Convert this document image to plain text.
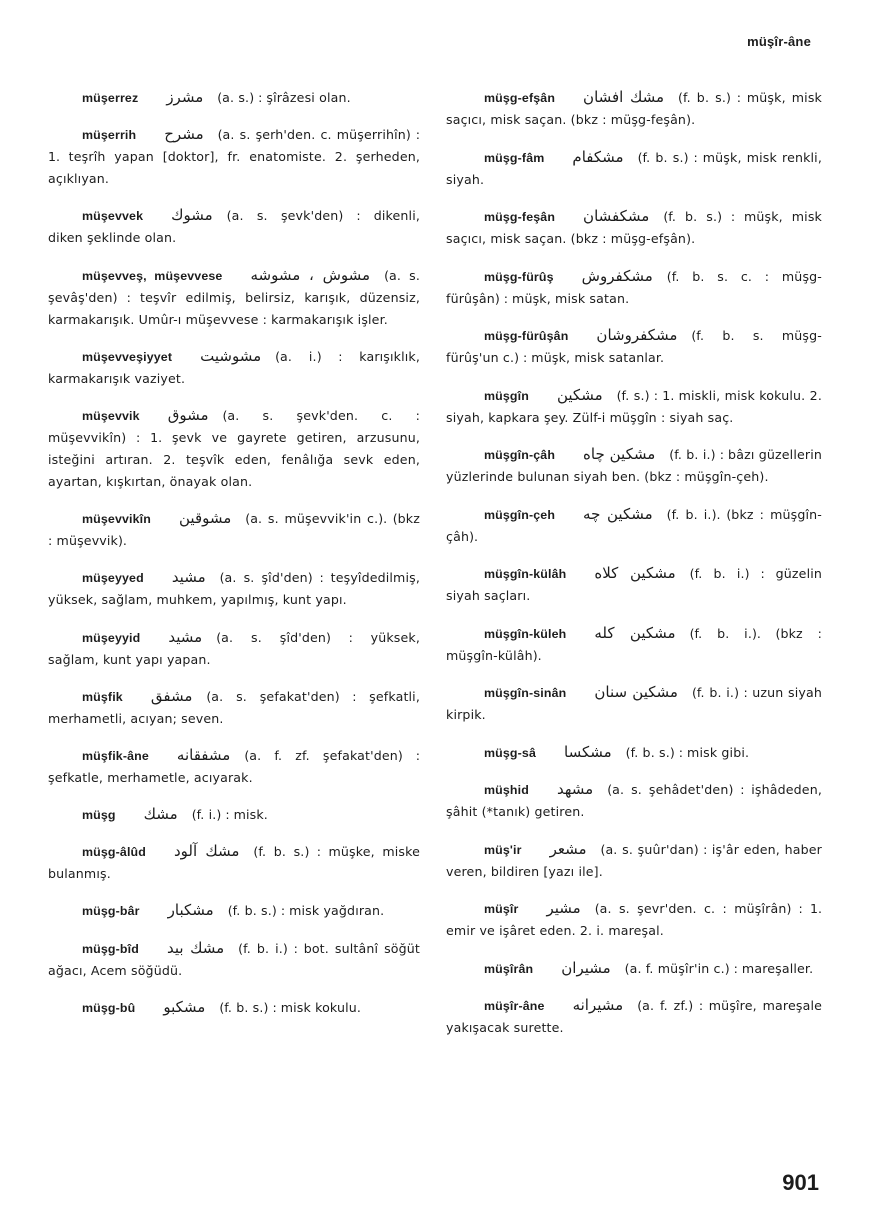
müşîr-âne
müşerrez مشرز (a. s.) : şîrâzesi olan.
müşerrih مشرح (a. s. şerh'den. c. müşerrihîn) : 1. teşrîh yapan [doktor], fr. enatomiste. 2. şerheden, açıklıyan.
müşevvek مشوك (a. s. şevk'den) : dikenli, diken şeklinde olan.
müşevveş, müşevvese مشوش ، مشوشه (a. s. şevâş'den) : teşvîr edilmiş, belirsiz, karışık, düzensiz, karmakarışık. Umûr-ı müşevvese : karmakarışık işler.
müşevveşiyyet مشوشيت (a. i.) : karışıklık, karmakarışık vaziyet.
müşevvik مشوق (a. s. şevk'den. c. : müşevvikîn) : 1. şevk ve gayrete getiren, arzusunu, isteğini artıran. 2. teşvîk eden, fenâlığa sevk eden, ayartan, kışkırtan, önayak olan.
müşevvikîn مشوقين (a. s. müşevvik'in c.). (bkz : müşevvik).
müşeyyed مشيد (a. s. şîd'den) : teşyîdedilmiş, yüksek, sağlam, muhkem, yapılmış, kunt yapı.
müşeyyid مشيد (a. s. şîd'den) : yüksek, sağlam, kunt yapı yapan.
müşfik مشفق (a. s. şefakat'den) : şefkatli, merhametli, acıyan; seven.
müşfik-âne مشفقانه (a. f. zf. şefakat'den) : şefkatle, merhametle, acıyarak.
müşg مشك (f. i.) : misk.
müşg-âlûd مشك آلود (f. b. s.) : müşke, miske bulanmış.
müşg-bâr مشكبار (f. b. s.) : misk yağdıran.
müşg-bîd مشك بيد (f. b. i.) : bot. sultânî söğüt ağacı, Acem söğüdü.
müşg-bû مشكبو (f. b. s.) : misk kokulu.
müşg-efşân مشك افشان (f. b. s.) : müşk, misk saçıcı, misk saçan. (bkz : müşg-feşân).
müşg-fâm مشكفام (f. b. s.) : müşk, misk renkli, siyah.
müşg-feşân مشكفشان (f. b. s.) : müşk, misk saçıcı, misk saçan. (bkz : müşg-efşân).
müşg-fürûş مشكفروش (f. b. s. c. : müşg-fürûşân) : müşk, misk satan.
müşg-fürûşân مشكفروشان (f. b. s. müşg-fürûş'un c.) : müşk, misk satanlar.
müşgîn مشكين (f. s.) : 1. miskli, misk kokulu. 2. siyah, kapkara şey. Zülf-i müşgîn : siyah saç.
müşgîn-çâh مشكين چاه (f. b. i.) : bâzı güzellerin yüzlerinde bulunan siyah ben. (bkz : müşgîn-çeh).
müşgîn-çeh مشكين چه (f. b. i.). (bkz : müşgîn-çâh).
müşgîn-külâh مشكين كلاه (f. b. i.) : güzelin siyah saçları.
müşgîn-küleh مشكين كله (f. b. i.). (bkz : müşgîn-külâh).
müşgîn-sinân مشكين سنان (f. b. i.) : uzun siyah kirpik.
müşg-sâ مشكسا (f. b. s.) : misk gibi.
müşhid مشهد (a. s. şehâdet'den) : işhâdeden, şâhit (*tanık) getiren.
müş'ir مشعر (a. s. şuûr'dan) : iş'âr eden, haber veren, bildiren [yazı ile].
müşîr مشير (a. s. şevr'den. c. : müşîrân) : 1. emir ve işâret eden. 2. i. mareşal.
müşîrân مشيران (a. f. müşîr'in c.) : mareşaller.
müşîr-âne مشيرانه (a. f. zf.) : müşîre, mareşale yakışacak surette.
901
